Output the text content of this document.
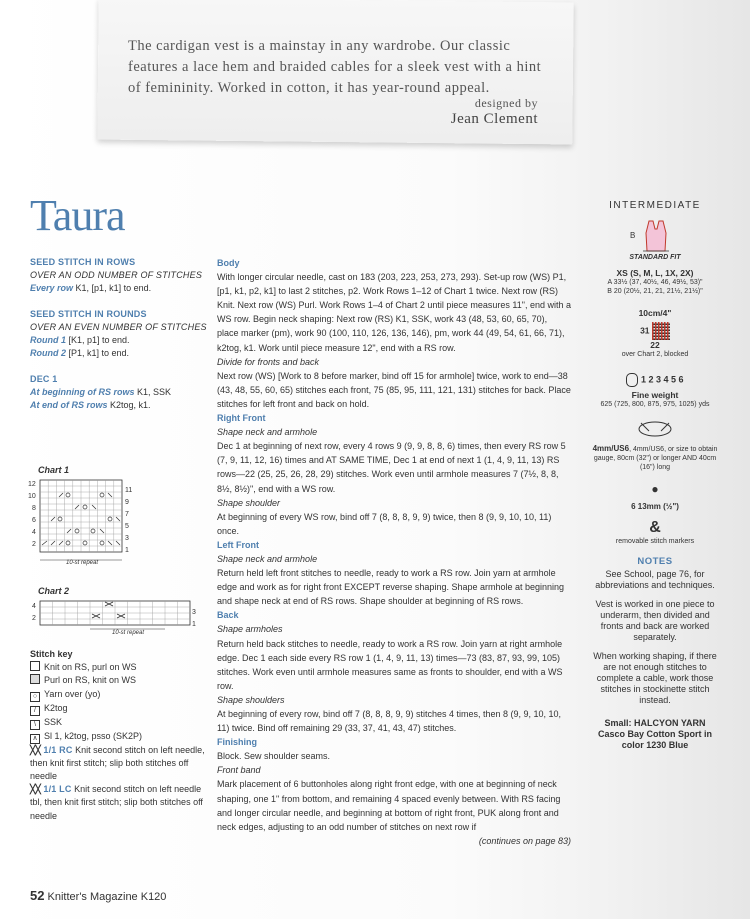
The cardigan vest is a mainstay in any wardrobe. Our classic features a lace hem and braided cables for a sleek vest with a hint of femininity. Worked in cotton, it has year-round appeal.
designed by
Jean Clement
Taura
SEED STITCH IN ROWS
OVER AN ODD NUMBER OF STITCHES
Every row K1, [p1, k1] to end.
SEED STITCH IN ROUNDS
OVER AN EVEN NUMBER OF STITCHES
Round 1 [K1, p1] to end.
Round 2 [P1, k1] to end.
DEC 1
At beginning of RS rows K1, SSK
At end of RS rows K2tog, k1.
Chart 1
12
10
8
6
4
2
11
9
7
5
3
1
10-st repeat
Chart 2
4
2
3
1
10-st repeat
Stitch key
Knit on RS, purl on WS
Purl on RS, knit on WS
○ Yarn over (yo)
/ K2tog
\ SSK
∧ Sl 1, k2tog, psso (SK2P)
╳╳ 1/1 RC Knit second stitch on left needle, then knit first stitch; slip both stitches off needle
╳╳ 1/1 LC Knit second stitch on left needle tbl, then knit first stitch; slip both stitches off needle

Body

With longer circular needle, cast on 183 (203, 223, 253, 273, 293). Set-up row (WS) P1, [p1, k1, p2, k1] to last 2 stitches, p2. Work Rows 1–12 of Chart 1 twice. Next row (RS) Knit. Next row (WS) Purl. Work Rows 1–4 of Chart 2 until piece measures 11", end with a WS row. Begin neck shaping: Next row (RS) K1, SSK, work 43 (48, 53, 60, 65, 70), place marker (pm), work 90 (100, 110, 126, 136, 146), pm, work 44 (49, 54, 61, 66, 71), k2tog, k1. Work until piece measure 12", end with a RS row.

Divide for fronts and back

Next row (WS) [Work to 8 before marker, bind off 15 for armhole] twice, work to end—38 (43, 48, 55, 60, 65) stitches each front, 75 (85, 95, 111, 121, 131) stitches for back. Place stitches for left front and back on hold.

Right Front

Shape neck and armhole

Dec 1 at beginning of next row, every 4 rows 9 (9, 9, 8, 8, 6) times, then every RS row 5 (7, 9, 11, 12, 16) times and AT SAME TIME, Dec 1 at end of next 1 (1, 4, 9, 11, 13) RS rows—22 (25, 25, 26, 28, 29) stitches. Work even until armhole measures 7 (7½, 8, 8, 8½, 8½)", end with a WS row.

Shape shoulder

At beginning of every WS row, bind off 7 (8, 8, 8, 9, 9) twice, then 8 (9, 9, 10, 10, 11) once.

Left Front

Shape neck and armhole

Return held left front stitches to needle, ready to work a RS row. Join yarn at armhole edge and work as for right front EXCEPT reverse shaping. Shape armhole at beginning and shape neck at end of RS rows. Shape shoulder at beginning of RS rows.

Back

Shape armholes

Return held back stitches to needle, ready to work a RS row. Join yarn at right armhole edge. Dec 1 each side every RS row 1 (1, 4, 9, 11, 13) times—73 (83, 87, 93, 99, 105) stitches. Work even until armhole measures same as fronts to shoulder, end with a WS row.

Shape shoulders

At beginning of every row, bind off 7 (8, 8, 8, 9, 9) stitches 4 times, then 8 (9, 9, 10, 10, 11) twice. Bind off remaining 29 (33, 37, 41, 43, 47) stitches.

Finishing

Block. Sew shoulder seams.

Front band

Mark placement of 6 buttonholes along right front edge, with one at beginning of neck shaping, one 1" from bottom, and remaining 4 spaced evenly between. With RS facing and longer circular needle, and beginning at bottom of right front, PUK along front and neck edges, adjusting to an odd number of stitches on next row if

(continues on page 83)

INTERMEDIATE
B
STANDARD FIT
XS (S, M, L, 1X, 2X)
A 33½ (37, 40½, 46, 49½, 53)"
B 20 (20½, 21, 21, 21½, 21½)"
10cm/4"
31
22
over Chart 2, blocked
1 2 3 4 5 6
Fine weight
625 (725, 800, 875, 975, 1025) yds
4mm/US6, 4mm/US6, or size to obtain gauge, 80cm (32") or longer AND 40cm (16") long
●
6 13mm (½")
&
removable stitch markers
NOTES
See School, page 76, for abbreviations and techniques.
Vest is worked in one piece to underarm, then divided and fronts and back are worked separately.
When working shaping, if there are not enough stitches to complete a cable, work those stitches in stockinette stitch instead.
Small: HALCYON YARN Casco Bay Cotton Sport in color 1230 Blue
52 Knitter's Magazine K120
